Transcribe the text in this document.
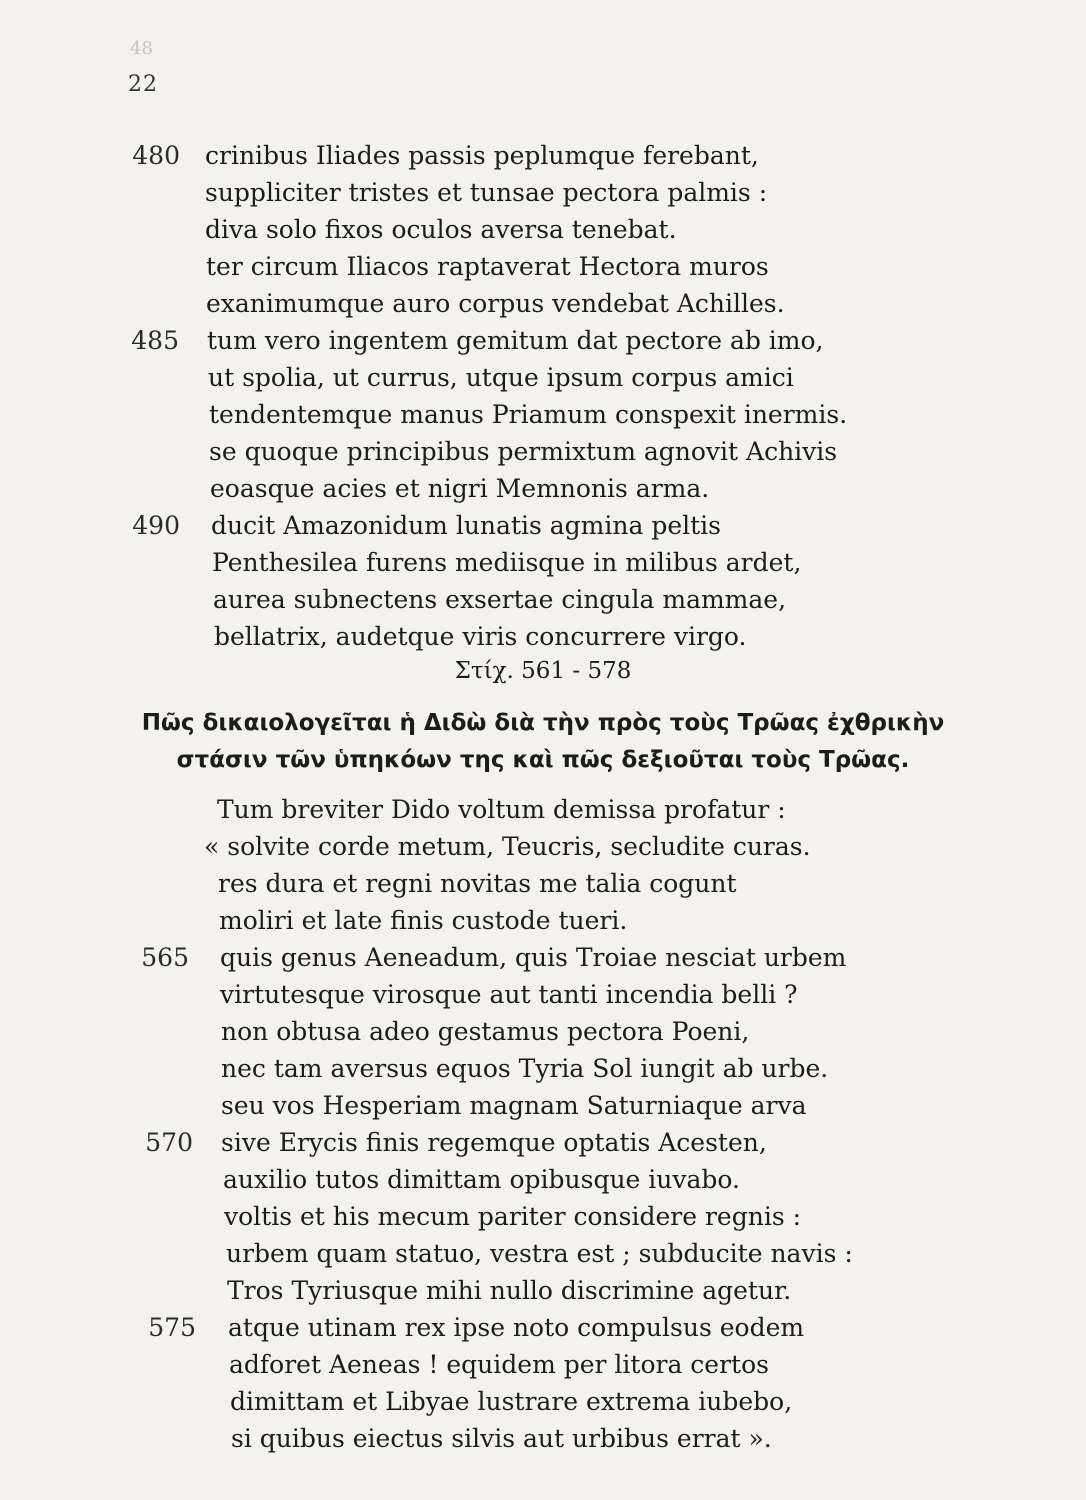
48
22
480 crinibus Iliades passis peplumque ferebant,
suppliciter tristes et tunsae pectora palmis :
diva solo fixos oculos aversa tenebat.
ter circum Iliacos raptaverat Hectora muros
exanimumque auro corpus vendebat Achilles.
485 tum vero ingentem gemitum dat pectore ab imo,
ut spolia, ut currus, utque ipsum corpus amici
tendentemque manus Priamum conspexit inermis.
se quoque principibus permixtum agnovit Achivis
eoasque acies et nigri Memnonis arma.
490 ducit Amazonidum lunatis agmina peltis
Penthesilea furens mediisque in milibus ardet,
aurea subnectens exsertae cingula mammae,
bellatrix, audetque viris concurrere virgo.
Στίχ. 561 - 578
Πῶς δικαιολογεῖται ἡ Διδὼ διὰ τὴν πρὸς τοὺς Τρῶας ἐχθρικὴν
στάσιν τῶν ὑπηκόων της καὶ πῶς δεξιοῦται τοὺς Τρῶας.
Tum breviter Dido voltum demissa profatur :
« solvite corde metum, Teucris, secludite curas.
res dura et regni novitas me talia cogunt
moliri et late finis custode tueri.
565 quis genus Aeneadum, quis Troiae nesciat urbem
virtutesque virosque aut tanti incendia belli ?
non obtusa adeo gestamus pectora Poeni,
nec tam aversus equos Tyria Sol iungit ab urbe.
seu vos Hesperiam magnam Saturniaque arva
570 sive Erycis finis regemque optatis Acesten,
auxilio tutos dimittam opibusque iuvabo.
voltis et his mecum pariter considere regnis :
urbem quam statuo, vestra est ; subducite navis :
Tros Tyriusque mihi nullo discrimine agetur.
575 atque utinam rex ipse noto compulsus eodem
adforet Aeneas ! equidem per litora certos
dimittam et Libyae lustrare extrema iubebo,
si quibus eiectus silvis aut urbibus errat ».
